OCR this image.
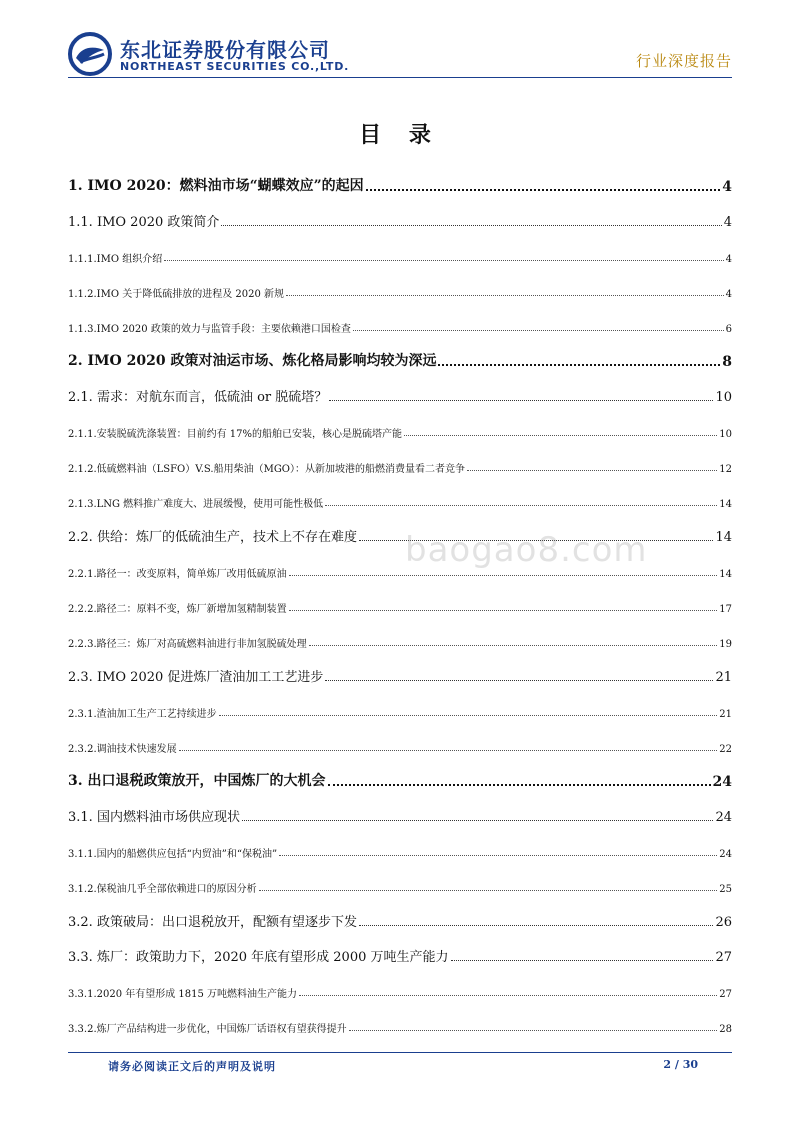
东北证券股份有限公司
NORTHEAST SECURITIES CO.,LTD.	行业深度报告
目 录
1. IMO 2020：燃料油市场“蝴蝶效应”的起因	4
1.1. IMO 2020 政策简介	4
1.1.1.IMO 组织介绍	4
1.1.2.IMO 关于降低硫排放的进程及 2020 新规	4
1.1.3.IMO 2020 政策的效力与监管手段：主要依赖港口国检查	6
2. IMO 2020 政策对油运市场、炼化格局影响均较为深远	8
2.1. 需求：对航东而言，低硫油 or 脱硫塔？	10
2.1.1.安装脱硫洗涤装置：目前约有 17%的船舶已安装，核心是脱硫塔产能	10
2.1.2.低硫燃料油（LSFO）V.S.船用柴油（MGO）：从新加坡港的船燃消费量看二者竞争	12
2.1.3.LNG 燃料推广难度大、进展缓慢，使用可能性极低	14
2.2. 供给：炼厂的低硫油生产，技术上不存在难度	14
2.2.1.路径一：改变原料，简单炼厂改用低硫原油	14
2.2.2.路径二：原料不变，炼厂新增加氢精制装置	17
2.2.3.路径三：炼厂对高硫燃料油进行非加氢脱硫处理	19
2.3. IMO 2020 促进炼厂渣油加工工艺进步	21
2.3.1.渣油加工生产工艺持续进步	21
2.3.2.调油技术快速发展	22
3. 出口退税政策放开，中国炼厂的大机会	24
3.1. 国内燃料油市场供应现状	24
3.1.1.国内的船燃供应包括“内贸油”和“保税油”	24
3.1.2.保税油几乎全部依赖进口的原因分析	25
3.2. 政策破局：出口退税放开，配额有望逐步下发	26
3.3. 炼厂：政策助力下，2020 年底有望形成 2000 万吨生产能力	27
3.3.1.2020 年有望形成 1815 万吨燃料油生产能力	27
3.3.2.炼厂产品结构进一步优化，中国炼厂话语权有望获得提升	28
baogao8.com
请务必阅读正文后的声明及说明	2 / 30
